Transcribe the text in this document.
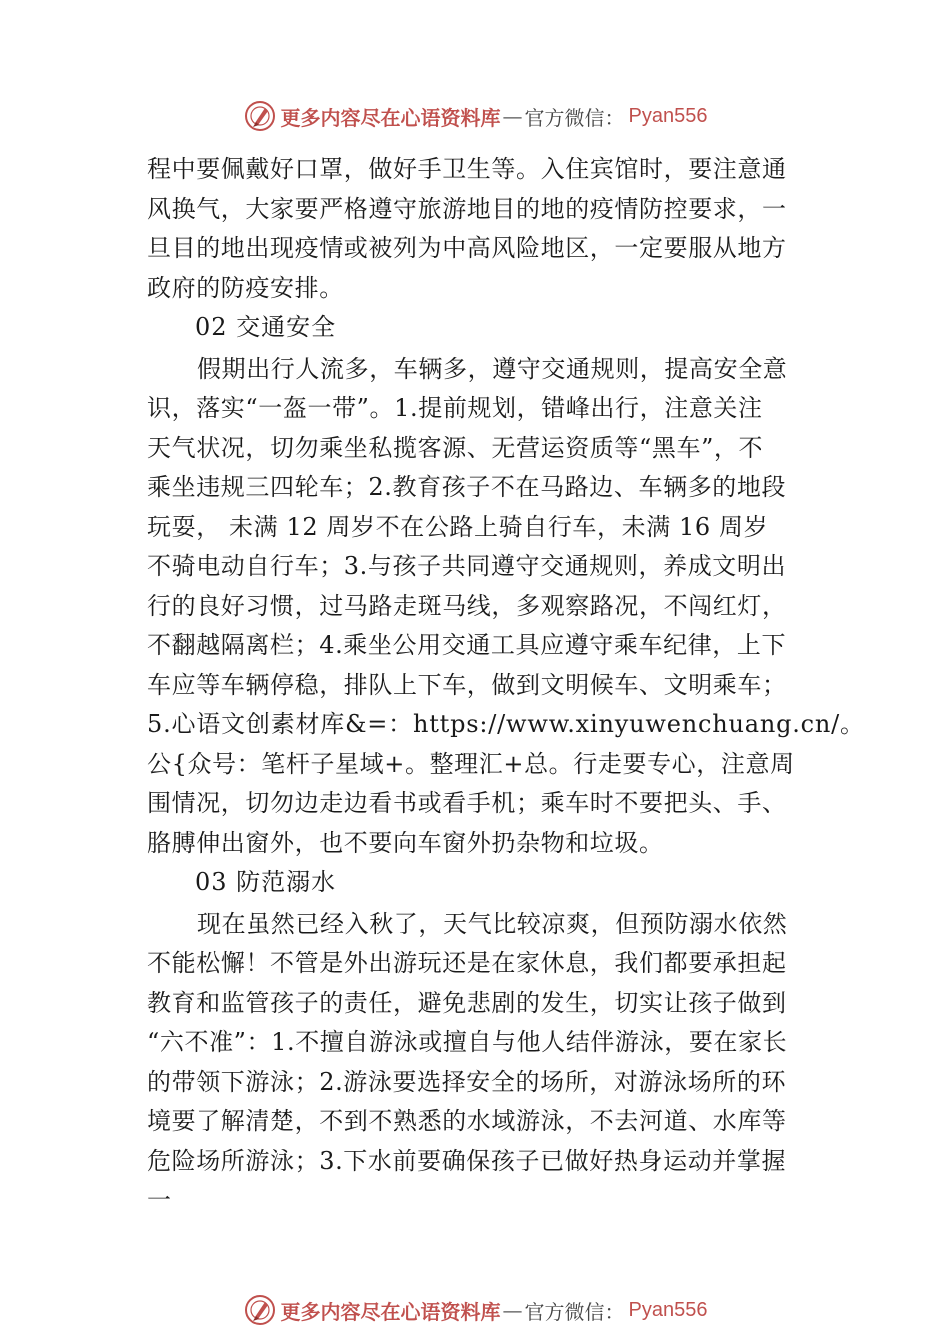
更多内容尽在心语资料库 — 官方微信： Pyan556
程中要佩戴好口罩，做好手卫生等。入住宾馆时，要注意通
风换气，大家要严格遵守旅游地目的地的疫情防控要求，一
旦目的地出现疫情或被列为中高风险地区，一定要服从地方
政府的防疫安排。
02 交通安全
假期出行人流多，车辆多，遵守交通规则，提高安全意
识，落实“一盔一带”。1.提前规划，错峰出行，注意关注
天气状况，切勿乘坐私揽客源、无营运资质等“黑车”，不
乘坐违规三四轮车；2.教育孩子不在马路边、车辆多的地段
玩耍， 未满 12 周岁不在公路上骑自行车，未满 16 周岁
不骑电动自行车；3.与孩子共同遵守交通规则，养成文明出
行的良好习惯，过马路走斑马线，多观察路况，不闯红灯，
不翻越隔离栏；4.乘坐公用交通工具应遵守乘车纪律，上下
车应等车辆停稳，排队上下车，做到文明候车、文明乘车；
5.心语文创素材库&=：https://www.xinyuwenchuang.cn/。
公{众号：笔杆子星域+。整理汇+总。行走要专心，注意周
围情况，切勿边走边看书或看手机；乘车时不要把头、手、
胳膊伸出窗外，也不要向车窗外扔杂物和垃圾。
03 防范溺水
现在虽然已经入秋了，天气比较凉爽，但预防溺水依然
不能松懈！不管是外出游玩还是在家休息，我们都要承担起
教育和监管孩子的责任，避免悲剧的发生，切实让孩子做到
“六不准”：1.不擅自游泳或擅自与他人结伴游泳，要在家长
的带领下游泳；2.游泳要选择安全的场所，对游泳场所的环
境要了解清楚，不到不熟悉的水域游泳，不去河道、水库等
危险场所游泳；3.下水前要确保孩子已做好热身运动并掌握
一
更多内容尽在心语资料库 — 官方微信： Pyan556
